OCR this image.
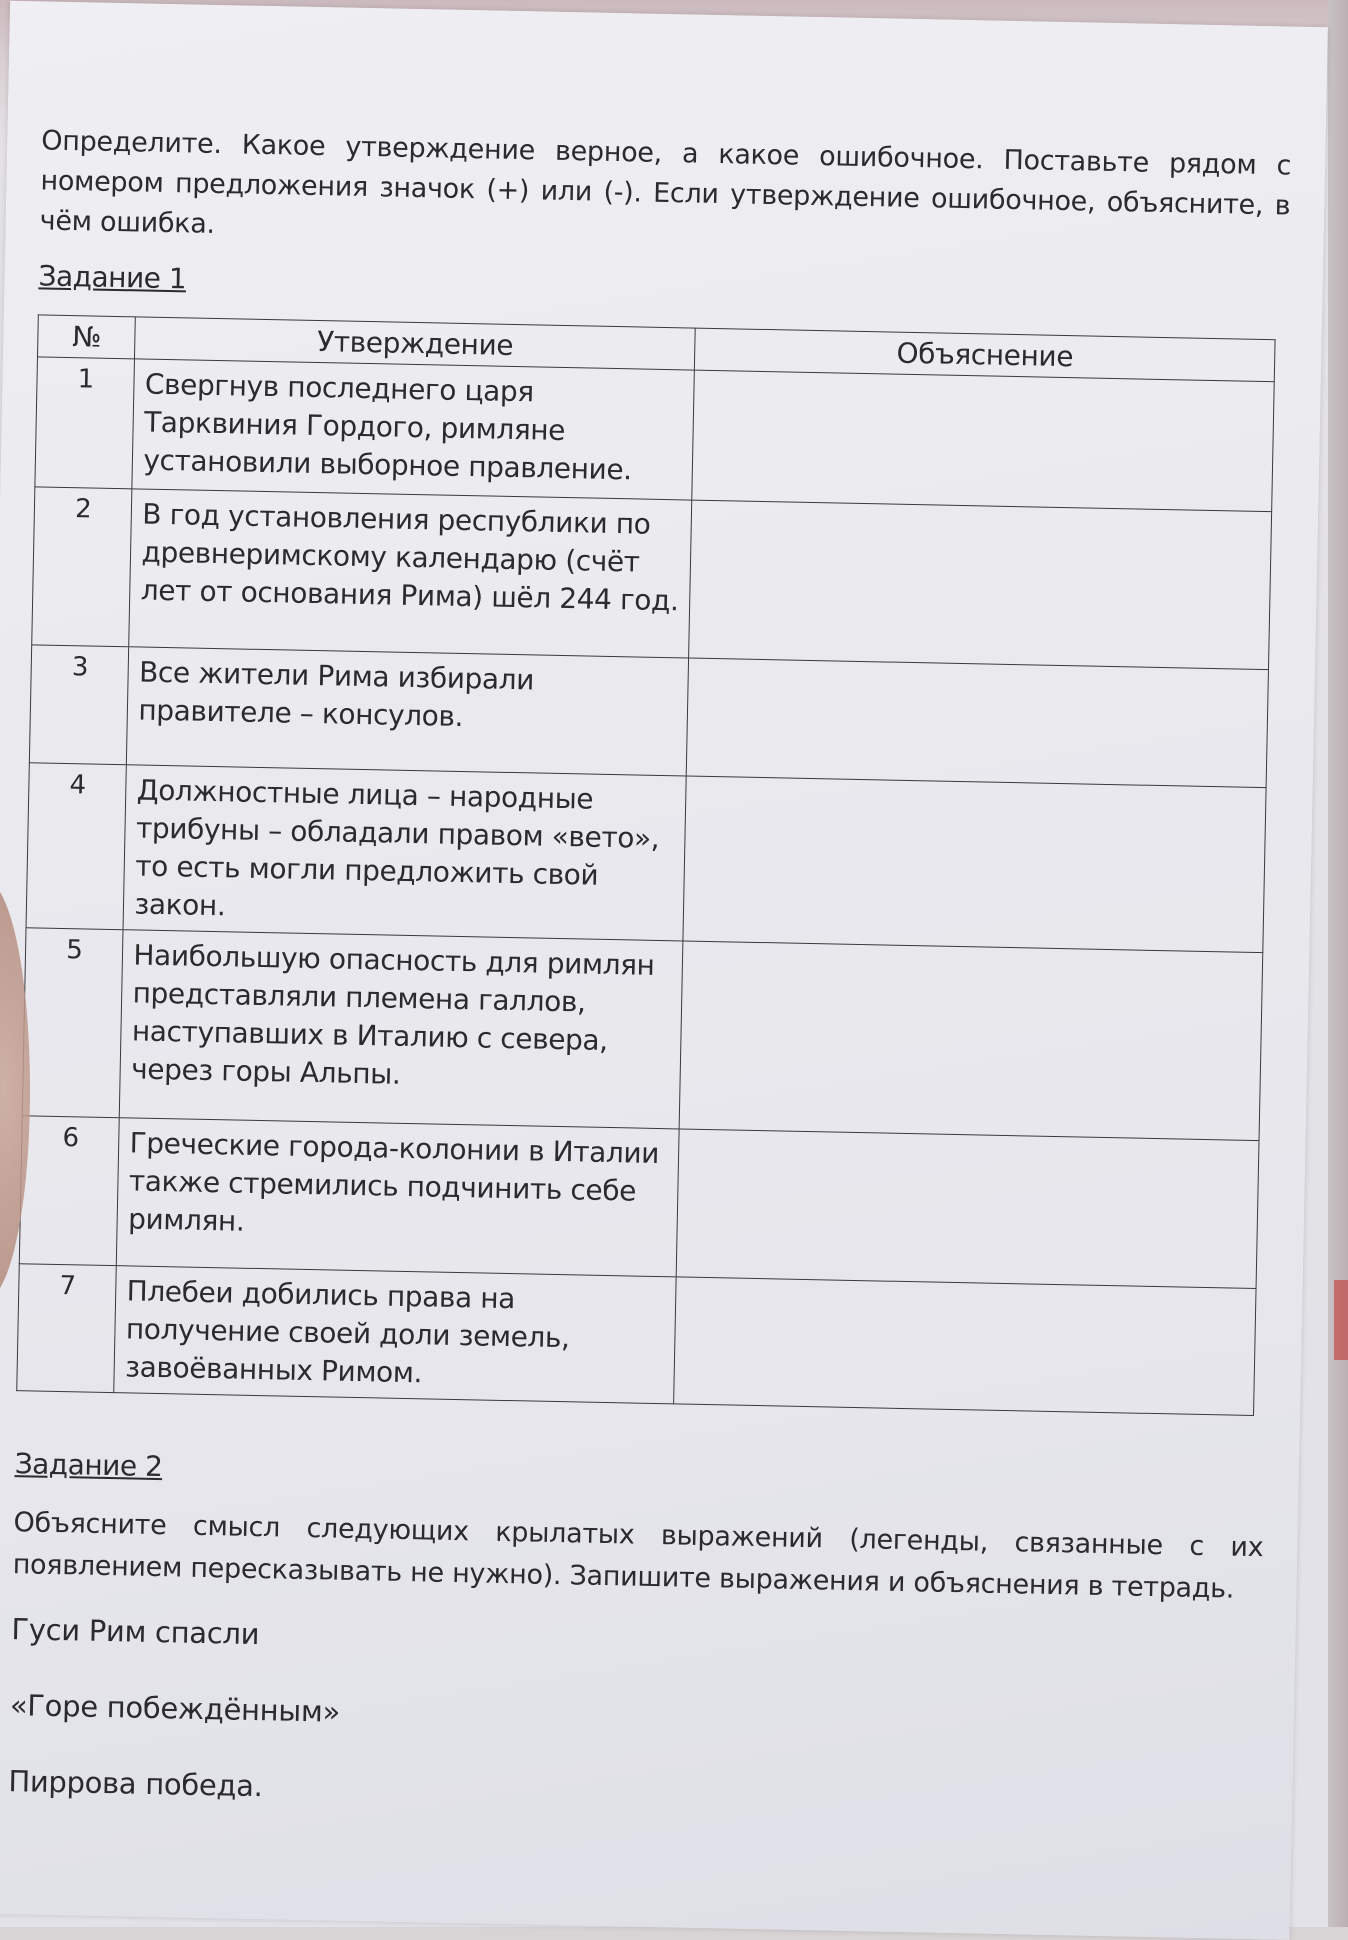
Определите. Какое утверждение верное, а какое ошибочное. Поставьте рядом с номером предложения значок (+) или (-). Если утверждение ошибочное, объясните, в чём ошибка.

Задание 1
№	Утверждение	Объяснение
1	Свергнув последнего царя Тарквиния Гордого, римляне установили выборное правление.	
2	В год установления республики по древнеримскому календарю (счёт лет от основания Рима) шёл 244 год.	
3	Все жители Рима избирали правителе – консулов.	
4	Должностные лица – народные трибуны – обладали правом «вето», то есть могли предложить свой закон.	
5	Наибольшую опасность для римлян представляли племена галлов, наступавших в Италию с севера, через горы Альпы.	
6	Греческие города-колонии в Италии также стремились подчинить себе римлян.	
7	Плебеи добились права на получение своей доли земель, завоёванных Римом.	
Задание 2

Объясните смысл следующих крылатых выражений (легенды, связанные с их появлением пересказывать не нужно). Запишите выражения и объяснения в тетрадь.

Гуси Рим спасли

«Горе побеждённым»

Пиррова победа.
